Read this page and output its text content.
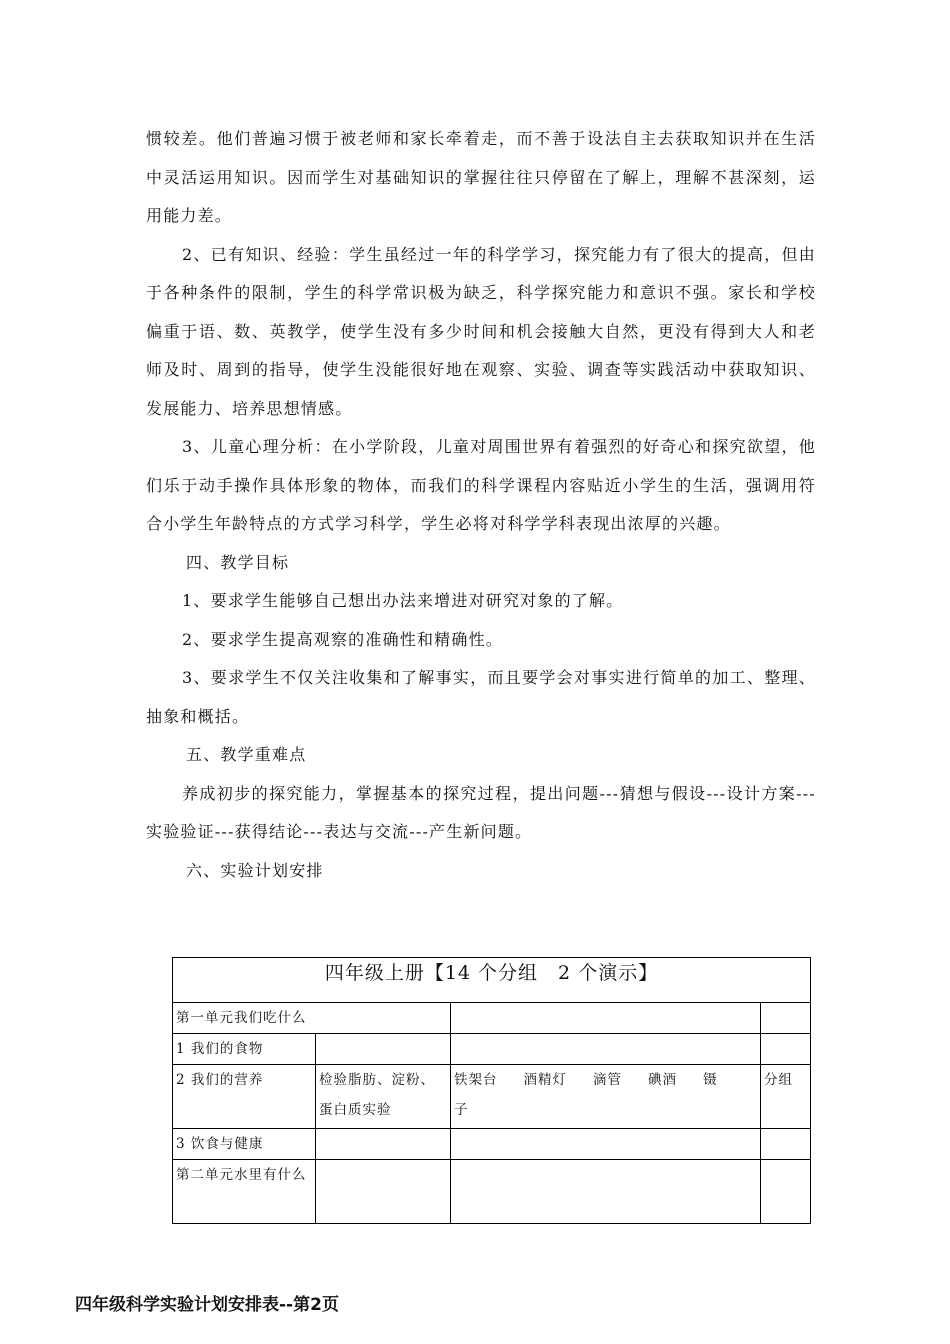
惯较差。他们普遍习惯于被老师和家长牵着走，而不善于设法自主去获取知识并在生活中灵活运用知识。因而学生对基础知识的掌握往往只停留在了解上，理解不甚深刻，运用能力差。

2、已有知识、经验：学生虽经过一年的科学学习，探究能力有了很大的提高，但由于各种条件的限制，学生的科学常识极为缺乏，科学探究能力和意识不强。家长和学校偏重于语、数、英教学，使学生没有多少时间和机会接触大自然，更没有得到大人和老师及时、周到的指导，使学生没能很好地在观察、实验、调查等实践活动中获取知识、发展能力、培养思想情感。

3、儿童心理分析：在小学阶段，儿童对周围世界有着强烈的好奇心和探究欲望，他们乐于动手操作具体形象的物体，而我们的科学课程内容贴近小学生的生活，强调用符合小学生年龄特点的方式学习科学，学生必将对科学学科表现出浓厚的兴趣。

四、教学目标

1、要求学生能够自己想出办法来增进对研究对象的了解。

2、要求学生提高观察的准确性和精确性。

3、要求学生不仅关注收集和了解事实，而且要学会对事实进行简单的加工、整理、抽象和概括。

五、教学重难点

养成初步的探究能力，掌握基本的探究过程，提出问题---猜想与假设---设计方案---实验验证---获得结论---表达与交流---产生新问题。

六、实验计划安排

四年级上册【14 个分组　2 个演示】			
第一单元我们吃什么			
1 我们的食物			
2 我们的营养	检验脂肪、淀粉、蛋白质实验	铁架台 酒精灯 滴管 碘酒 镊子	分组
3 饮食与健康			
第二单元水里有什么			
四年级科学实验计划安排表--第2页
